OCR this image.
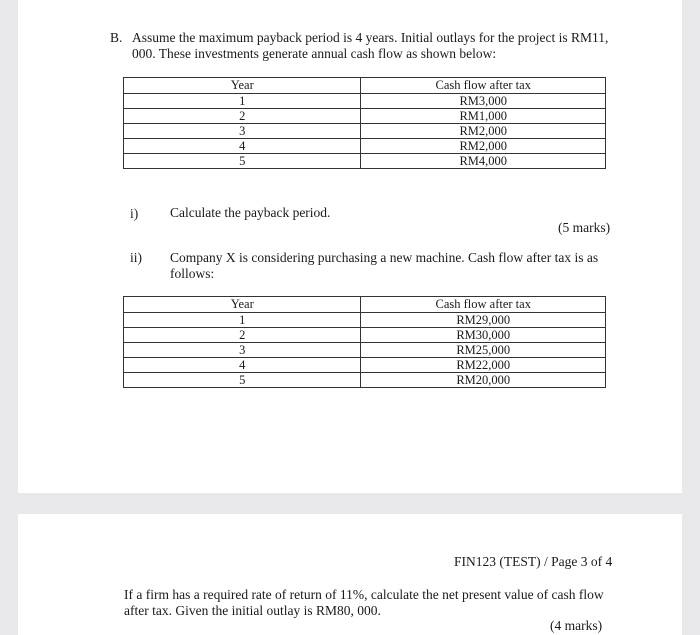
B. Assume the maximum payback period is 4 years. Initial outlays for the project is RM11, 000. These investments generate annual cash flow as shown below:
Year	Cash flow after tax
1	RM3,000
2	RM1,000
3	RM2,000
4	RM2,000
5	RM4,000
i) Calculate the payback period.
(5 marks)
ii) Company X is considering purchasing a new machine. Cash flow after tax is as follows:
Year	Cash flow after tax
1	RM29,000
2	RM30,000
3	RM25,000
4	RM22,000
5	RM20,000
FIN123 (TEST) / Page 3 of 4
If a firm has a required rate of return of 11%, calculate the net present value of cash flow after tax. Given the initial outlay is RM80, 000.
(4 marks)
